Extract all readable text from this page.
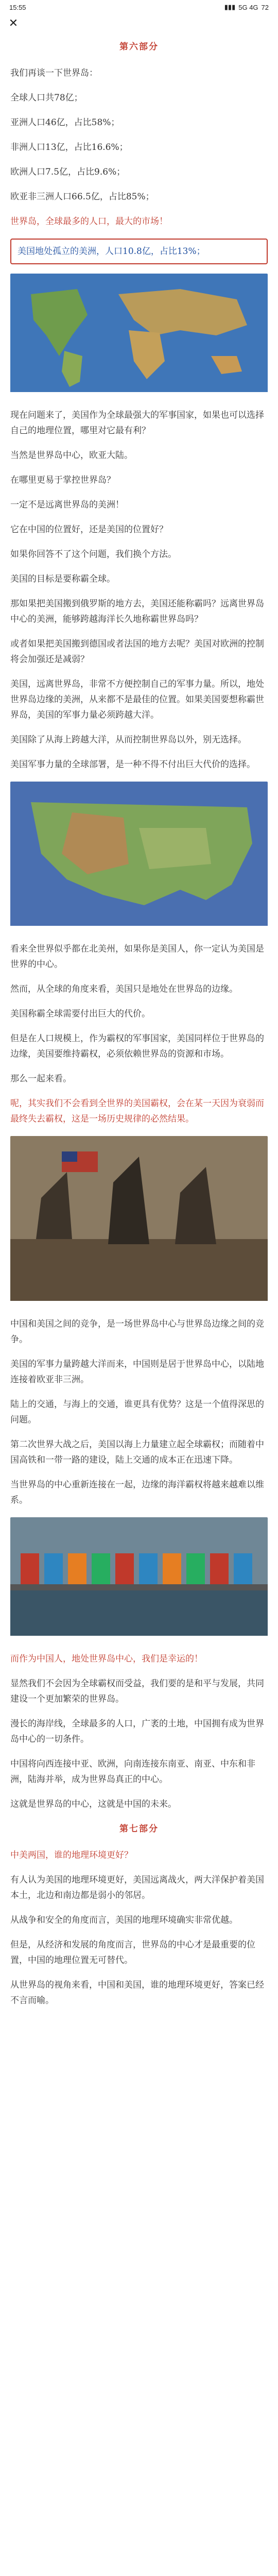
15:55	▮▮▮ 5G 4G 72
✕
第六部分

我们再谈一下世界岛：

全球人口共78亿；

亚洲人口46亿，占比58%；

非洲人口13亿，占比16.6%；

欧洲人口7.5亿，占比9.6%；

欧亚非三洲人口66.5亿，占比85%；

世界岛，全球最多的人口，最大的市场！

美国地处孤立的美洲，人口10.8亿，占比13%；

现在问题来了，美国作为全球最强大的军事国家，如果也可以选择自己的地理位置，哪里对它最有利？

当然是世界岛中心，欧亚大陆。

在哪里更易于掌控世界岛？

一定不是远离世界岛的美洲！

它在中国的位置好，还是美国的位置好？

如果你回答不了这个问题，我们换个方法。

美国的目标是要称霸全球。

那如果把美国搬到俄罗斯的地方去，美国还能称霸吗？远离世界岛中心的美洲，能够跨越海洋长久地称霸世界岛吗？

或者如果把美国搬到德国或者法国的地方去呢？美国对欧洲的控制将会加强还是减弱？

美国，远离世界岛，非常不方便控制自己的军事力量。所以，地处世界岛边缘的美洲，从来都不是最佳的位置。如果美国要想称霸世界岛，美国的军事力量必须跨越大洋。

美国除了从海上跨越大洋，从而控制世界岛以外，别无选择。

美国军事力量的全球部署，是一种不得不付出巨大代价的选择。

看来全世界似乎都在北美州，如果你是美国人，你一定认为美国是世界的中心。

然而，从全球的角度来看，美国只是地处在世界岛的边缘。

美国称霸全球需要付出巨大的代价。

但是在人口规模上，作为霸权的军事国家，美国同样位于世界岛的边缘，美国要维持霸权，必须依赖世界岛的资源和市场。

那么一起来看。

呢，其实我们不会看到全世界的美国霸权，会在某一天因为衰弱而最终失去霸权，这是一场历史规律的必然结果。

中国和美国之间的竞争，是一场世界岛中心与世界岛边缘之间的竞争。

美国的军事力量跨越大洋而来，中国则是居于世界岛中心，以陆地连接着欧亚非三洲。

陆上的交通，与海上的交通，谁更具有优势？这是一个值得深思的问题。

第二次世界大战之后，美国以海上力量建立起全球霸权；而随着中国高铁和一带一路的建设，陆上交通的成本正在迅速下降。

当世界岛的中心重新连接在一起，边缘的海洋霸权将越来越难以维系。

而作为中国人，地处世界岛中心，我们是幸运的！

显然我们不会因为全球霸权而受益，我们要的是和平与发展，共同建设一个更加繁荣的世界岛。

漫长的海岸线，全球最多的人口，广袤的土地，中国拥有成为世界岛中心的一切条件。

中国将向西连接中亚、欧洲，向南连接东南亚、南亚、中东和非洲，陆海并举，成为世界岛真正的中心。

这就是世界岛的中心，这就是中国的未来。

第七部分

中美两国，谁的地理环境更好？

有人认为美国的地理环境更好，美国远离战火，两大洋保护着美国本土，北边和南边都是弱小的邻居。

从战争和安全的角度而言，美国的地理环境确实非常优越。

但是，从经济和发展的角度而言，世界岛的中心才是最重要的位置，中国的地理位置无可替代。

从世界岛的视角来看，中国和美国，谁的地理环境更好，答案已经不言而喻。
